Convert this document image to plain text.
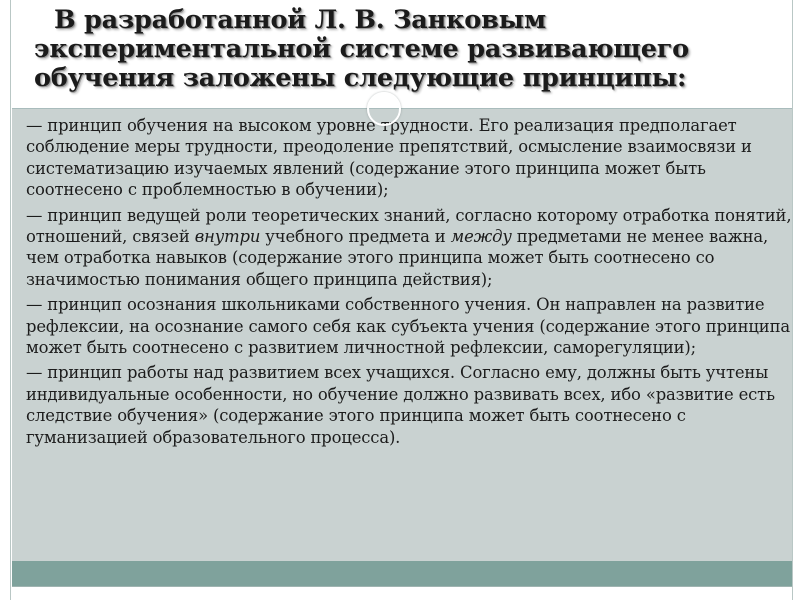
В разработанной Л. В. Занковым экспериментальной системе развивающего обучения заложены следующие принципы:

— принцип обучения на высоком уровне трудности. Его реализация предполагает соблюдение меры трудности, преодоление препятствий, осмысление взаимосвязи и систематизацию изучаемых явлений (содержание этого принципа может быть соотнесено с проблемностью в обучении);

— принцип ведущей роли теоретических знаний, согласно которому отработка понятий, отношений, связей внутри учебного предмета и между предметами не менее важна, чем отработка навыков (содержание этого принципа может быть соотнесено со значимостью понимания общего принципа действия);

— принцип осознания школьниками собственного учения. Он направлен на развитие рефлексии, на осознание самого себя как субъекта учения (содержание этого принципа может быть соотнесено с развитием личностной рефлексии, саморегуляции);

— принцип работы над развитием всех учащихся. Согласно ему, должны быть учтены индивидуальные особенности, но обучение должно развивать всех, ибо «развитие есть следствие обучения» (содержание этого принципа может быть соотнесено с гуманизацией образовательного процесса).
